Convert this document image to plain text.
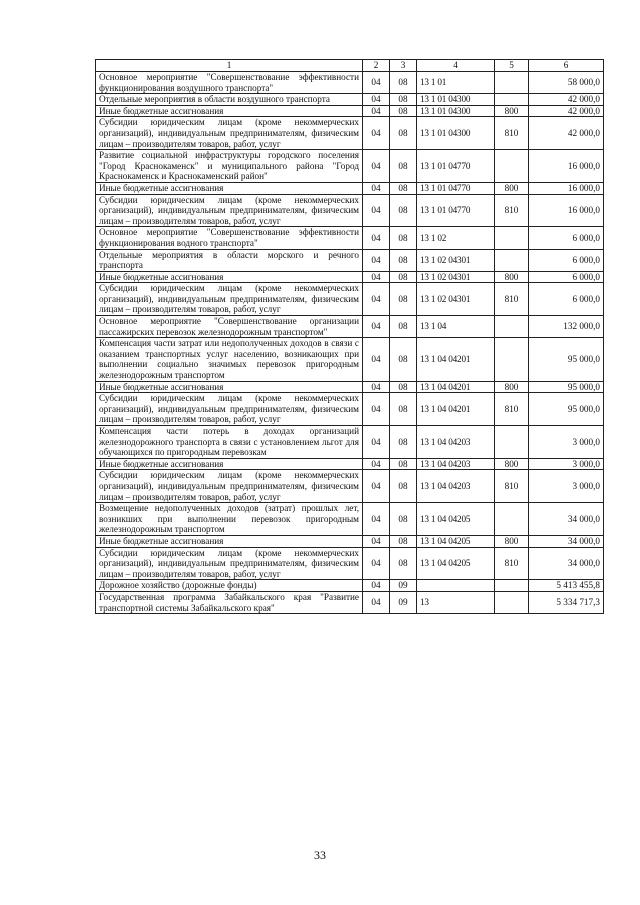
1	2	3	4	5	6
Основное мероприятие "Совершенствование эффективности функционирования воздушного транспорта"	04	08	13 1 01		58 000,0
Отдельные мероприятия в области воздушного транспорта	04	08	13 1 01 04300		42 000,0
Иные бюджетные ассигнования	04	08	13 1 01 04300	800	42 000,0
Субсидии юридическим лицам (кроме некоммерческих организаций), индивидуальным предпринимателям, физическим лицам – производителям товаров, работ, услуг	04	08	13 1 01 04300	810	42 000,0
Развитие социальной инфраструктуры городского поселения "Город Краснокаменск" и муниципального района "Город Краснокаменск и Краснокаменский район"	04	08	13 1 01 04770		16 000,0
Иные бюджетные ассигнования	04	08	13 1 01 04770	800	16 000,0
Субсидии юридическим лицам (кроме некоммерческих организаций), индивидуальным предпринимателям, физическим лицам – производителям товаров, работ, услуг	04	08	13 1 01 04770	810	16 000,0
Основное мероприятие "Совершенствование эффективности функционирования водного транспорта"	04	08	13 1 02		6 000,0
Отдельные мероприятия в области морского и речного транспорта	04	08	13 1 02 04301		6 000,0
Иные бюджетные ассигнования	04	08	13 1 02 04301	800	6 000,0
Субсидии юридическим лицам (кроме некоммерческих организаций), индивидуальным предпринимателям, физическим лицам – производителям товаров, работ, услуг	04	08	13 1 02 04301	810	6 000,0
Основное мероприятие "Совершенствование организации пассажирских перевозок железнодорожным транспортом"	04	08	13 1 04		132 000,0
Компенсация части затрат или недополученных доходов в связи с оказанием транспортных услуг населению, возникающих при выполнении социально значимых перевозок пригородным железнодорожным транспортом	04	08	13 1 04 04201		95 000,0
Иные бюджетные ассигнования	04	08	13 1 04 04201	800	95 000,0
Субсидии юридическим лицам (кроме некоммерческих организаций), индивидуальным предпринимателям, физическим лицам – производителям товаров, работ, услуг	04	08	13 1 04 04201	810	95 000,0
Компенсация части потерь в доходах организаций железнодорожного транспорта в связи с установлением льгот для обучающихся по пригородным перевозкам	04	08	13 1 04 04203		3 000,0
Иные бюджетные ассигнования	04	08	13 1 04 04203	800	3 000,0
Субсидии юридическим лицам (кроме некоммерческих организаций), индивидуальным предпринимателям, физическим лицам – производителям товаров, работ, услуг	04	08	13 1 04 04203	810	3 000,0
Возмещение недополученных доходов (затрат) прошлых лет, возникших при выполнении перевозок пригородным железнодорожным транспортом	04	08	13 1 04 04205		34 000,0
Иные бюджетные ассигнования	04	08	13 1 04 04205	800	34 000,0
Субсидии юридическим лицам (кроме некоммерческих организаций), индивидуальным предпринимателям, физическим лицам – производителям товаров, работ, услуг	04	08	13 1 04 04205	810	34 000,0
Дорожное хозяйство (дорожные фонды)	04	09			5 413 455,8
Государственная программа Забайкальского края "Развитие транспортной системы Забайкальского края"	04	09	13		5 334 717,3
33
